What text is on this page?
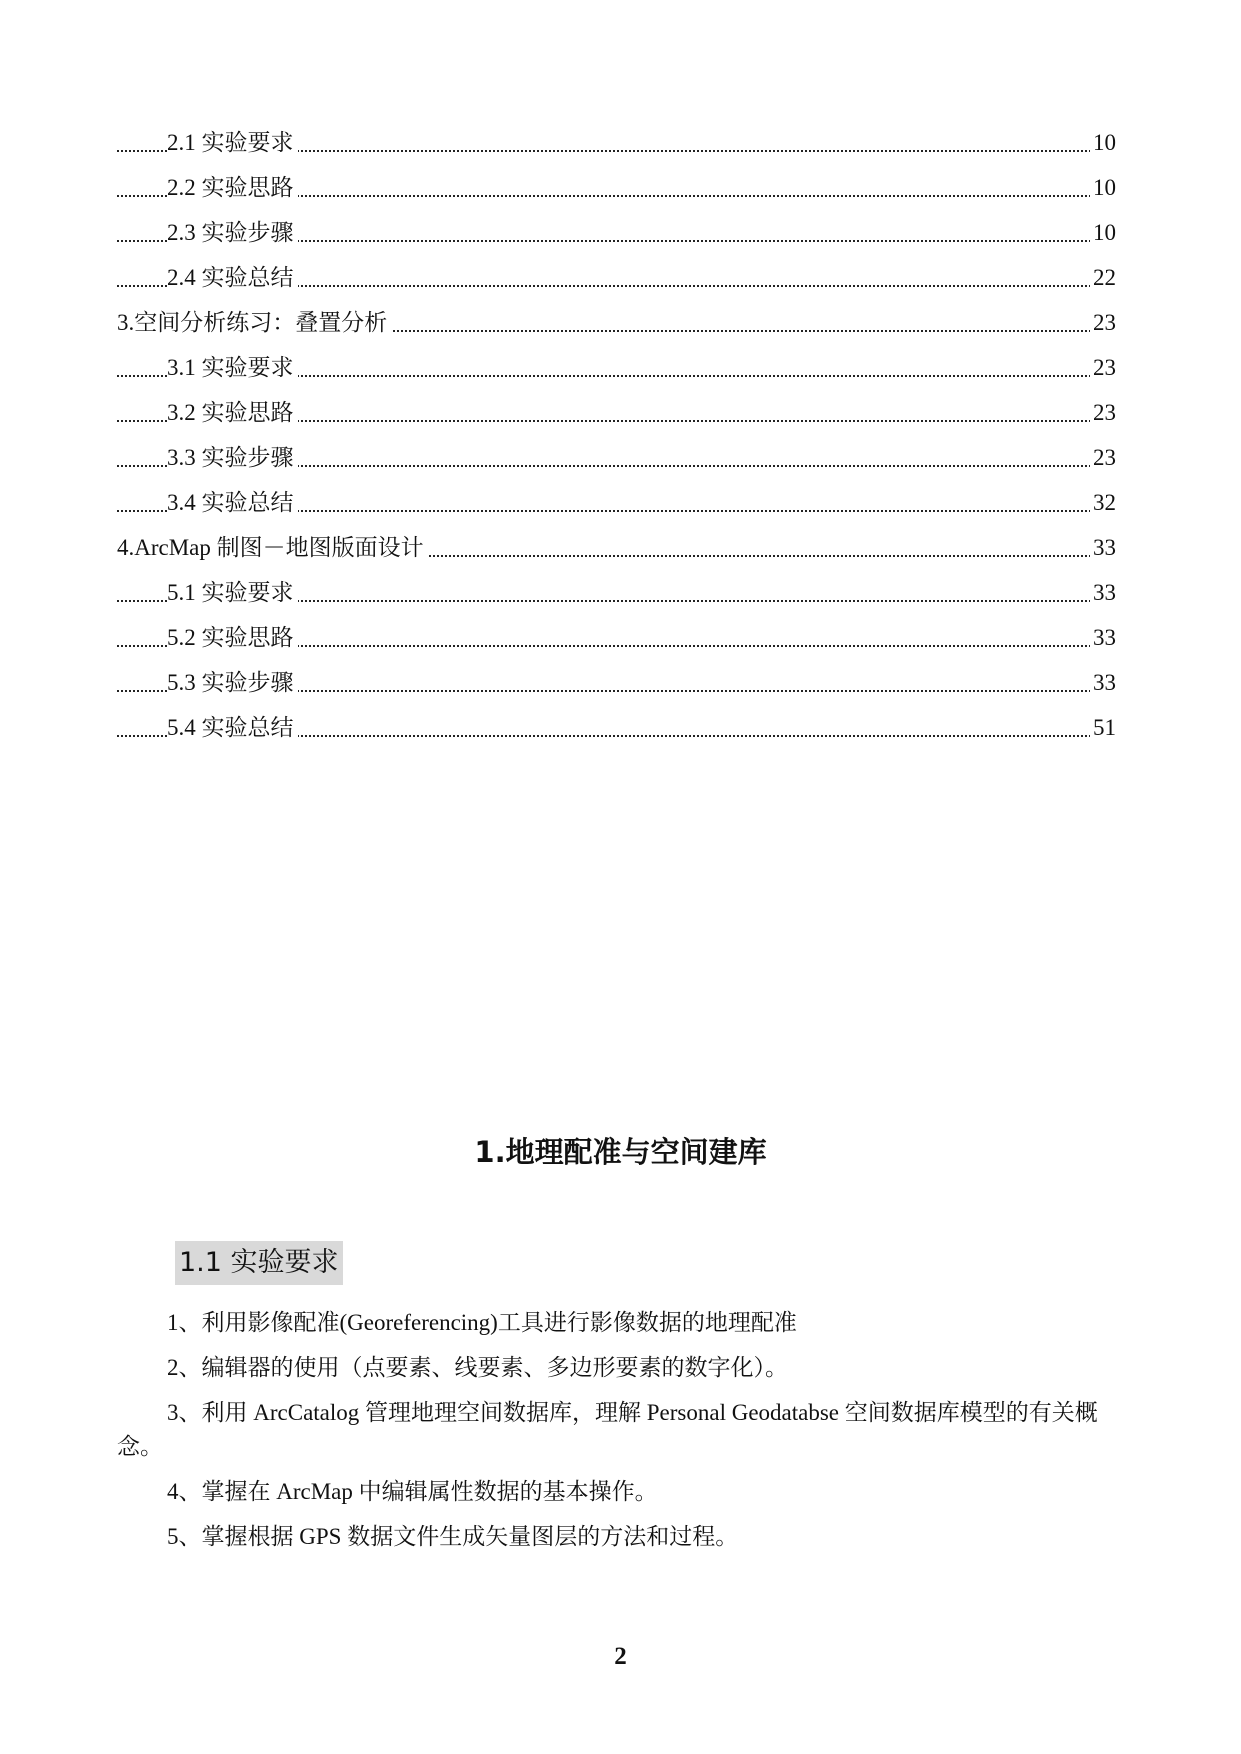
2.1 实验要求	10
2.2 实验思路	10
2.3 实验步骤	10
2.4 实验总结	22
3.空间分析练习：叠置分析	23
3.1 实验要求	23
3.2 实验思路	23
3.3 实验步骤	23
3.4 实验总结	32
4.ArcMap 制图－地图版面设计	33
5.1 实验要求	33
5.2 实验思路	33
5.3 实验步骤	33
5.4 实验总结	51
1.地理配准与空间建库
1.1 实验要求
1、利用影像配准(Georeferencing)工具进行影像数据的地理配准
2、编辑器的使用（点要素、线要素、多边形要素的数字化）。
3、利用 ArcCatalog 管理地理空间数据库，理解 Personal Geodatabse 空间数据库模型的有关概念。
4、掌握在 ArcMap 中编辑属性数据的基本操作。
5、掌握根据 GPS 数据文件生成矢量图层的方法和过程。
2
